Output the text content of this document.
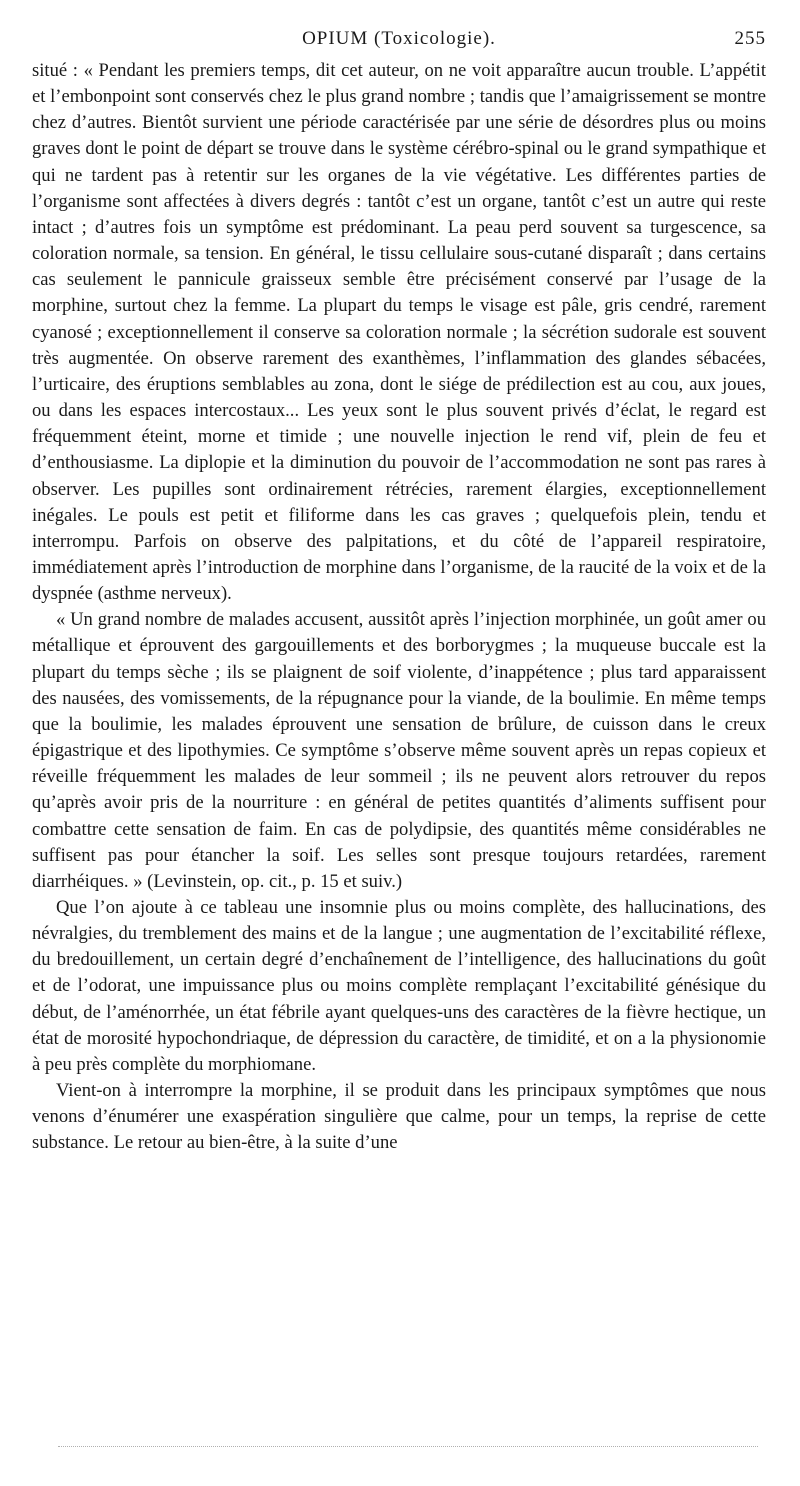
OPIUM (Toxicologie).	255

situé : « Pendant les premiers temps, dit cet auteur, on ne voit apparaître aucun trouble. L’appétit et l’embonpoint sont conservés chez le plus grand nombre ; tandis que l’amaigrissement se montre chez d’autres. Bientôt survient une période caractérisée par une série de désordres plus ou moins graves dont le point de départ se trouve dans le système cérébro-spinal ou le grand sympathique et qui ne tardent pas à retentir sur les organes de la vie végétative. Les différentes parties de l’organisme sont affectées à divers degrés : tantôt c’est un organe, tantôt c’est un autre qui reste intact ; d’autres fois un symptôme est prédominant. La peau perd souvent sa turgescence, sa coloration normale, sa tension. En général, le tissu cellulaire sous-cutané disparaît ; dans certains cas seulement le pannicule graisseux semble être précisément conservé par l’usage de la morphine, surtout chez la femme. La plupart du temps le visage est pâle, gris cendré, rarement cyanosé ; exceptionnellement il conserve sa coloration normale ; la sécrétion sudorale est souvent très augmentée. On observe rarement des exanthèmes, l’inflammation des glandes sébacées, l’urticaire, des éruptions semblables au zona, dont le siége de prédilection est au cou, aux joues, ou dans les espaces intercostaux... Les yeux sont le plus souvent privés d’éclat, le regard est fréquemment éteint, morne et timide ; une nouvelle injection le rend vif, plein de feu et d’enthousiasme. La diplopie et la diminution du pouvoir de l’accommodation ne sont pas rares à observer. Les pupilles sont ordinairement rétrécies, rarement élargies, exceptionnellement inégales. Le pouls est petit et filiforme dans les cas graves ; quelquefois plein, tendu et interrompu. Parfois on observe des palpitations, et du côté de l’appareil respiratoire, immédiatement après l’introduction de morphine dans l’organisme, de la raucité de la voix et de la dyspnée (asthme nerveux).

« Un grand nombre de malades accusent, aussitôt après l’injection morphinée, un goût amer ou métallique et éprouvent des gargouillements et des borborygmes ; la muqueuse buccale est la plupart du temps sèche ; ils se plaignent de soif violente, d’inappétence ; plus tard apparaissent des nausées, des vomissements, de la répugnance pour la viande, de la boulimie. En même temps que la boulimie, les malades éprouvent une sensation de brûlure, de cuisson dans le creux épigastrique et des lipothymies. Ce symptôme s’observe même souvent après un repas copieux et réveille fréquemment les malades de leur sommeil ; ils ne peuvent alors retrouver du repos qu’après avoir pris de la nourriture : en général de petites quantités d’aliments suffisent pour combattre cette sensation de faim. En cas de polydipsie, des quantités même considérables ne suffisent pas pour étancher la soif. Les selles sont presque toujours retardées, rarement diarrhéiques. » (Levinstein, op. cit., p. 15 et suiv.)

Que l’on ajoute à ce tableau une insomnie plus ou moins complète, des hallucinations, des névralgies, du tremblement des mains et de la langue ; une augmentation de l’excitabilité réflexe, du bredouillement, un certain degré d’enchaînement de l’intelligence, des hallucinations du goût et de l’odorat, une impuissance plus ou moins complète remplaçant l’excitabilité génésique du début, de l’aménorrhée, un état fébrile ayant quelques-uns des caractères de la fièvre hectique, un état de morosité hypochondriaque, de dépression du caractère, de timidité, et on a la physionomie à peu près complète du morphiomane.

Vient-on à interrompre la morphine, il se produit dans les principaux symptômes que nous venons d’énumérer une exaspération singulière que calme, pour un temps, la reprise de cette substance. Le retour au bien-être, à la suite d’une
